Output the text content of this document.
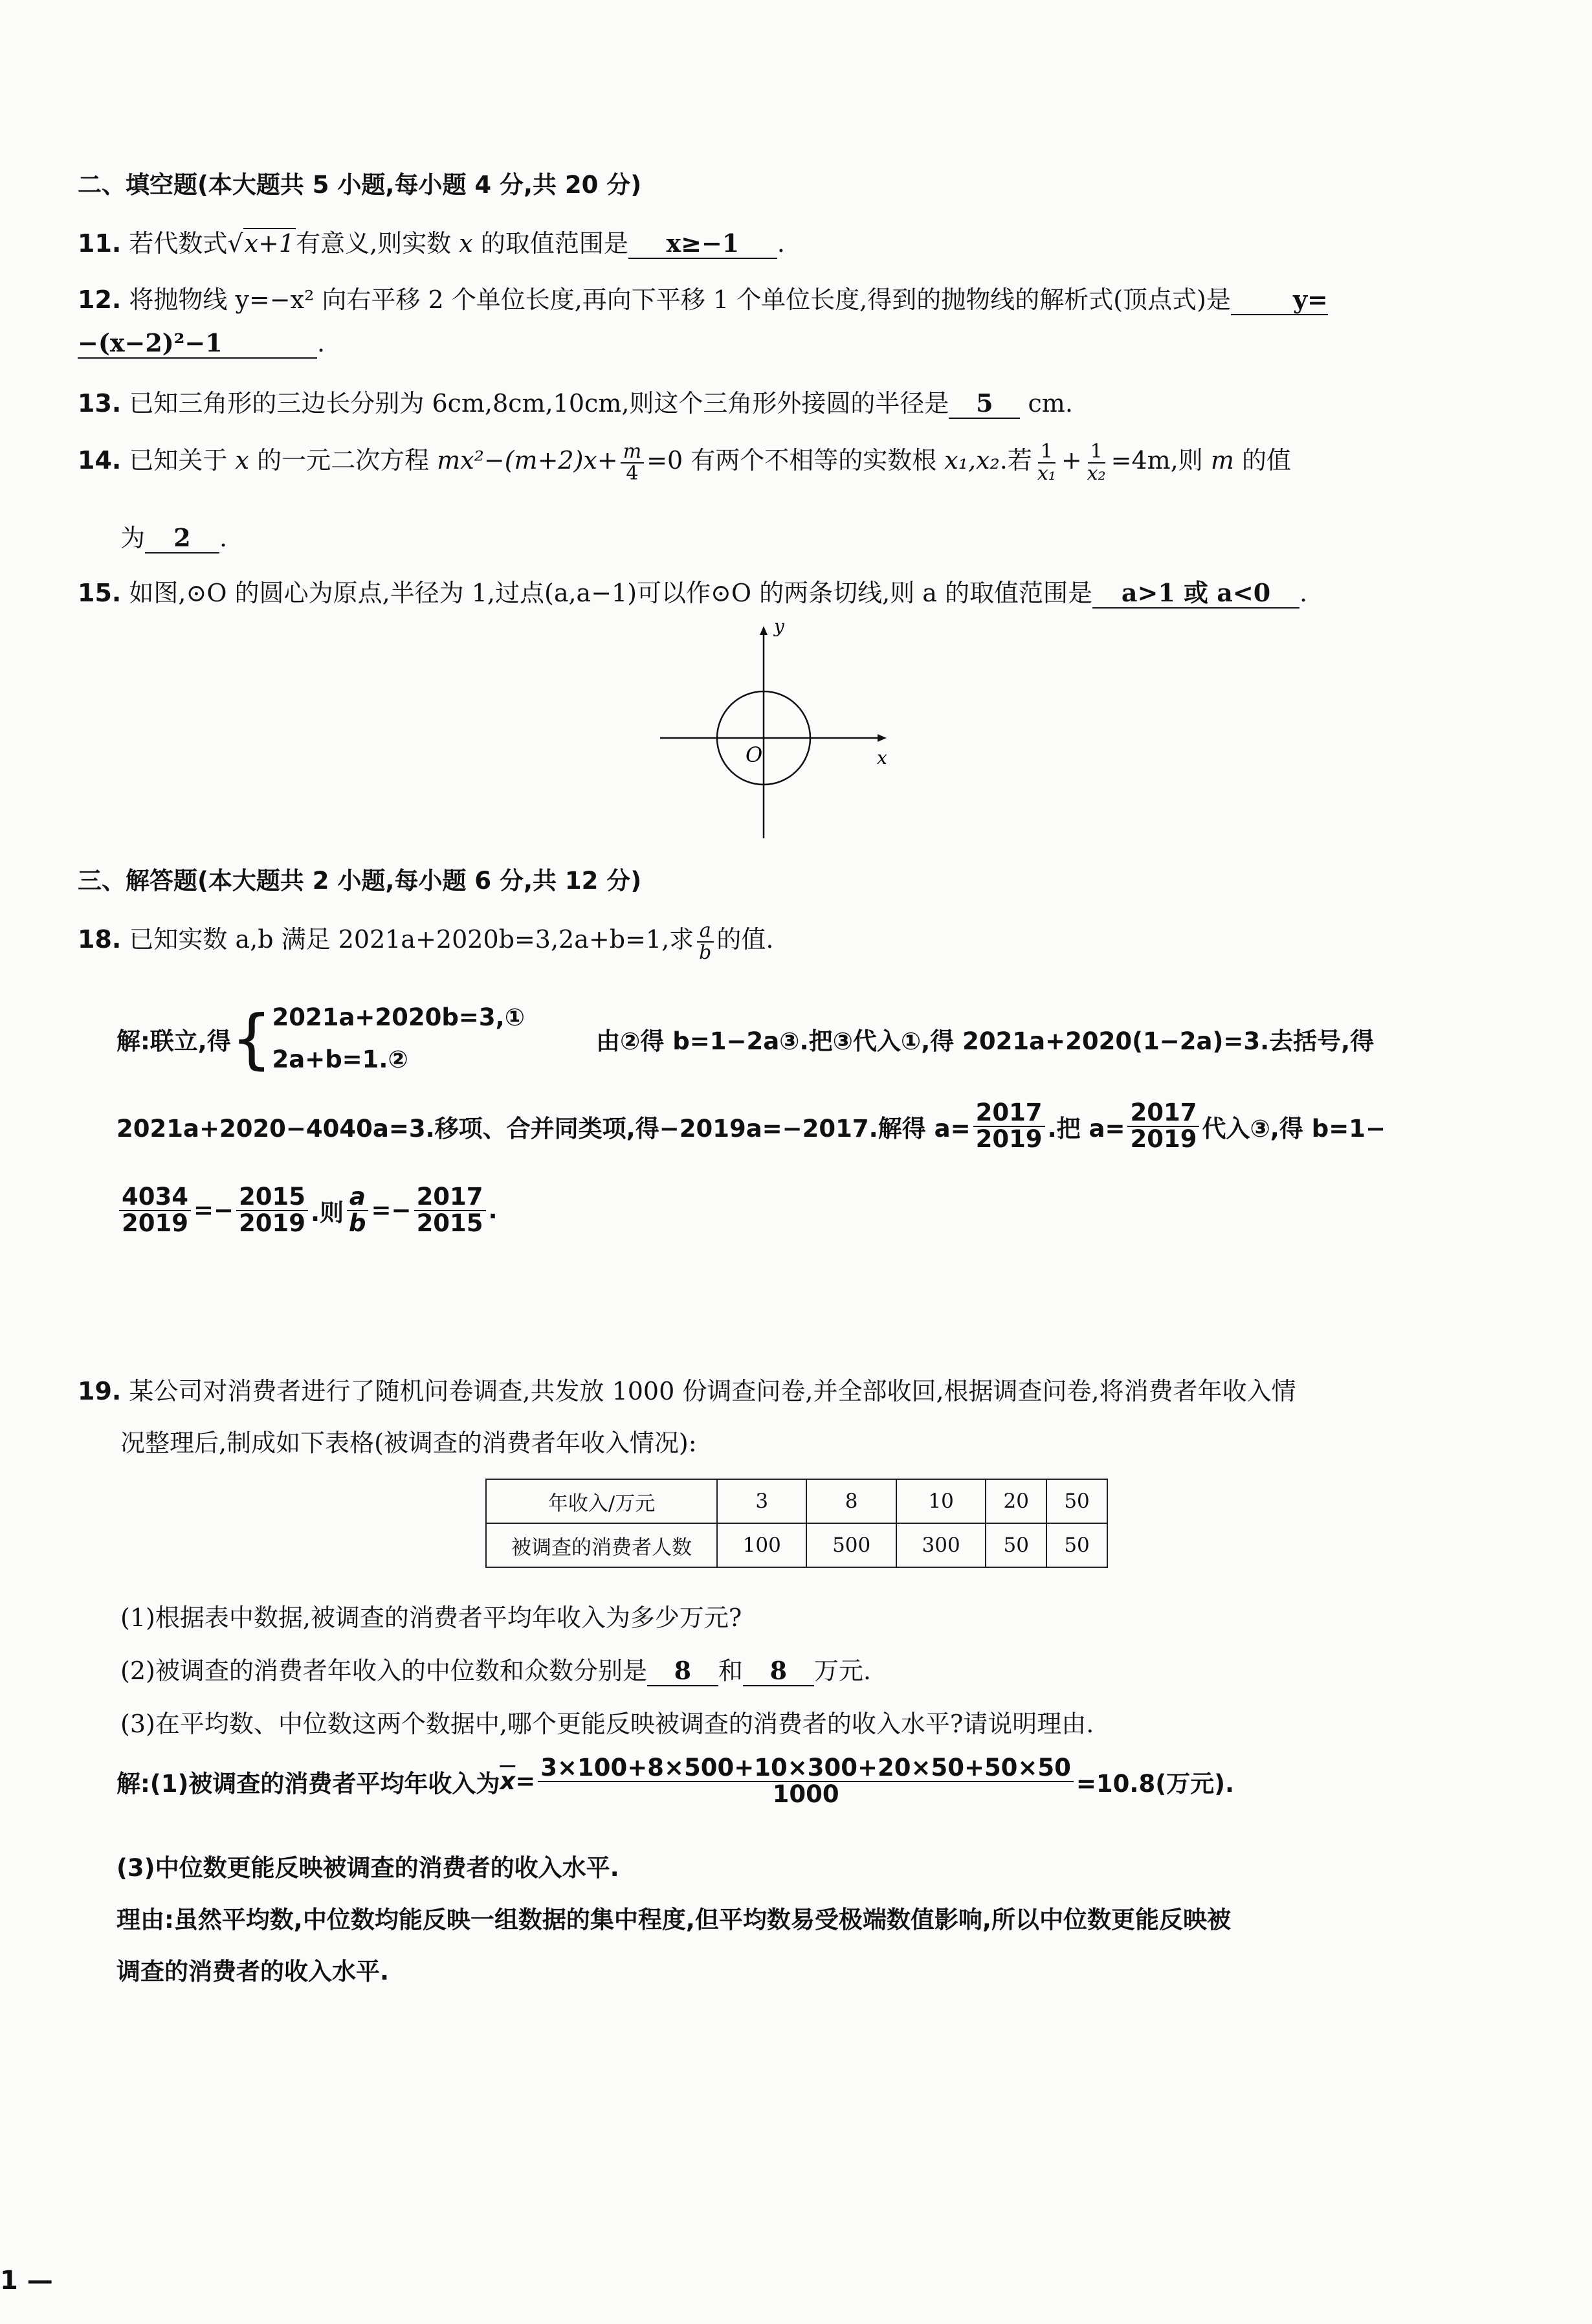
二、填空题(本大题共 5 小题,每小题 4 分,共 20 分)
11. 若代数式√x+1有意义,则实数 x 的取值范围是 x≥−1 .
12. 将抛物线 y=−x² 向右平移 2 个单位长度,再向下平移 1 个单位长度,得到的抛物线的解析式(顶点式)是	y=
−(x−2)²−1	.
13. 已知三角形的三边长分别为 6cm,8cm,10cm,则这个三角形外接圆的半径是 5 cm.
14. 已知关于 x 的一元二次方程 $mx^2-(m+2)x+ \frac{m}{4} =0$ 有两个不相等的实数根 x₁,x₂.若 $\frac{1}{\text{x₁}} + \frac{1}{\text{x₂}} =4m$,则 m 的值
为 2 .
15. 如图,⊙O 的圆心为原点,半径为 1,过点(a,a−1)可以作⊙O 的两条切线,则 a 的取值范围是 a>1 或 a<0 .
y
x
O
三、解答题(本大题共 2 小题,每小题 6 分,共 12 分)
18. 已知实数 a,b 满足 2021a+2020b=3,2a+b=1,求 $\frac{a}{b}$ 的值.
解:联立,得 { 2021a+2020b=3,①
2a+b=1.②
由②得 b=1−2a③.把③代入①,得 2021a+2020(1−2a)=3.去括号,得
2021a+2020−4040a=3.移项、合并同类项,得−2019a=−2017.解得 $a= \frac{2017}{2019}$ .把 $a= \frac{2017}{2019}$ 代入③,得 b=1−
$\frac{4034}{2019} =- \frac{2015}{2019}$ .则 $\frac{a}{b} =- \frac{2017}{2015}$ .
19. 某公司对消费者进行了随机问卷调查,共发放 1000 份调查问卷,并全部收回,根据调查问卷,将消费者年收入情
况整理后,制成如下表格(被调查的消费者年收入情况):
年收入/万元	3	8	10	20	50
被调查的消费者人数	100	500	300	50	50
(1)根据表中数据,被调查的消费者平均年收入为多少万元?
(2)被调查的消费者年收入的中位数和众数分别是 8 和 8 万元.
(3)在平均数、中位数这两个数据中,哪个更能反映被调查的消费者的收入水平?请说明理由.
解:(1)被调查的消费者平均年收入为 $\overline{x} = \frac{3\times 100+8\times 500+10\times 300+20\times 50+50\times 50}{1000} =10.8$(万元).
(3)中位数更能反映被调查的消费者的收入水平.
理由:虽然平均数,中位数均能反映一组数据的集中程度,但平均数易受极端数值影响,所以中位数更能反映被
调查的消费者的收入水平.
1 —
